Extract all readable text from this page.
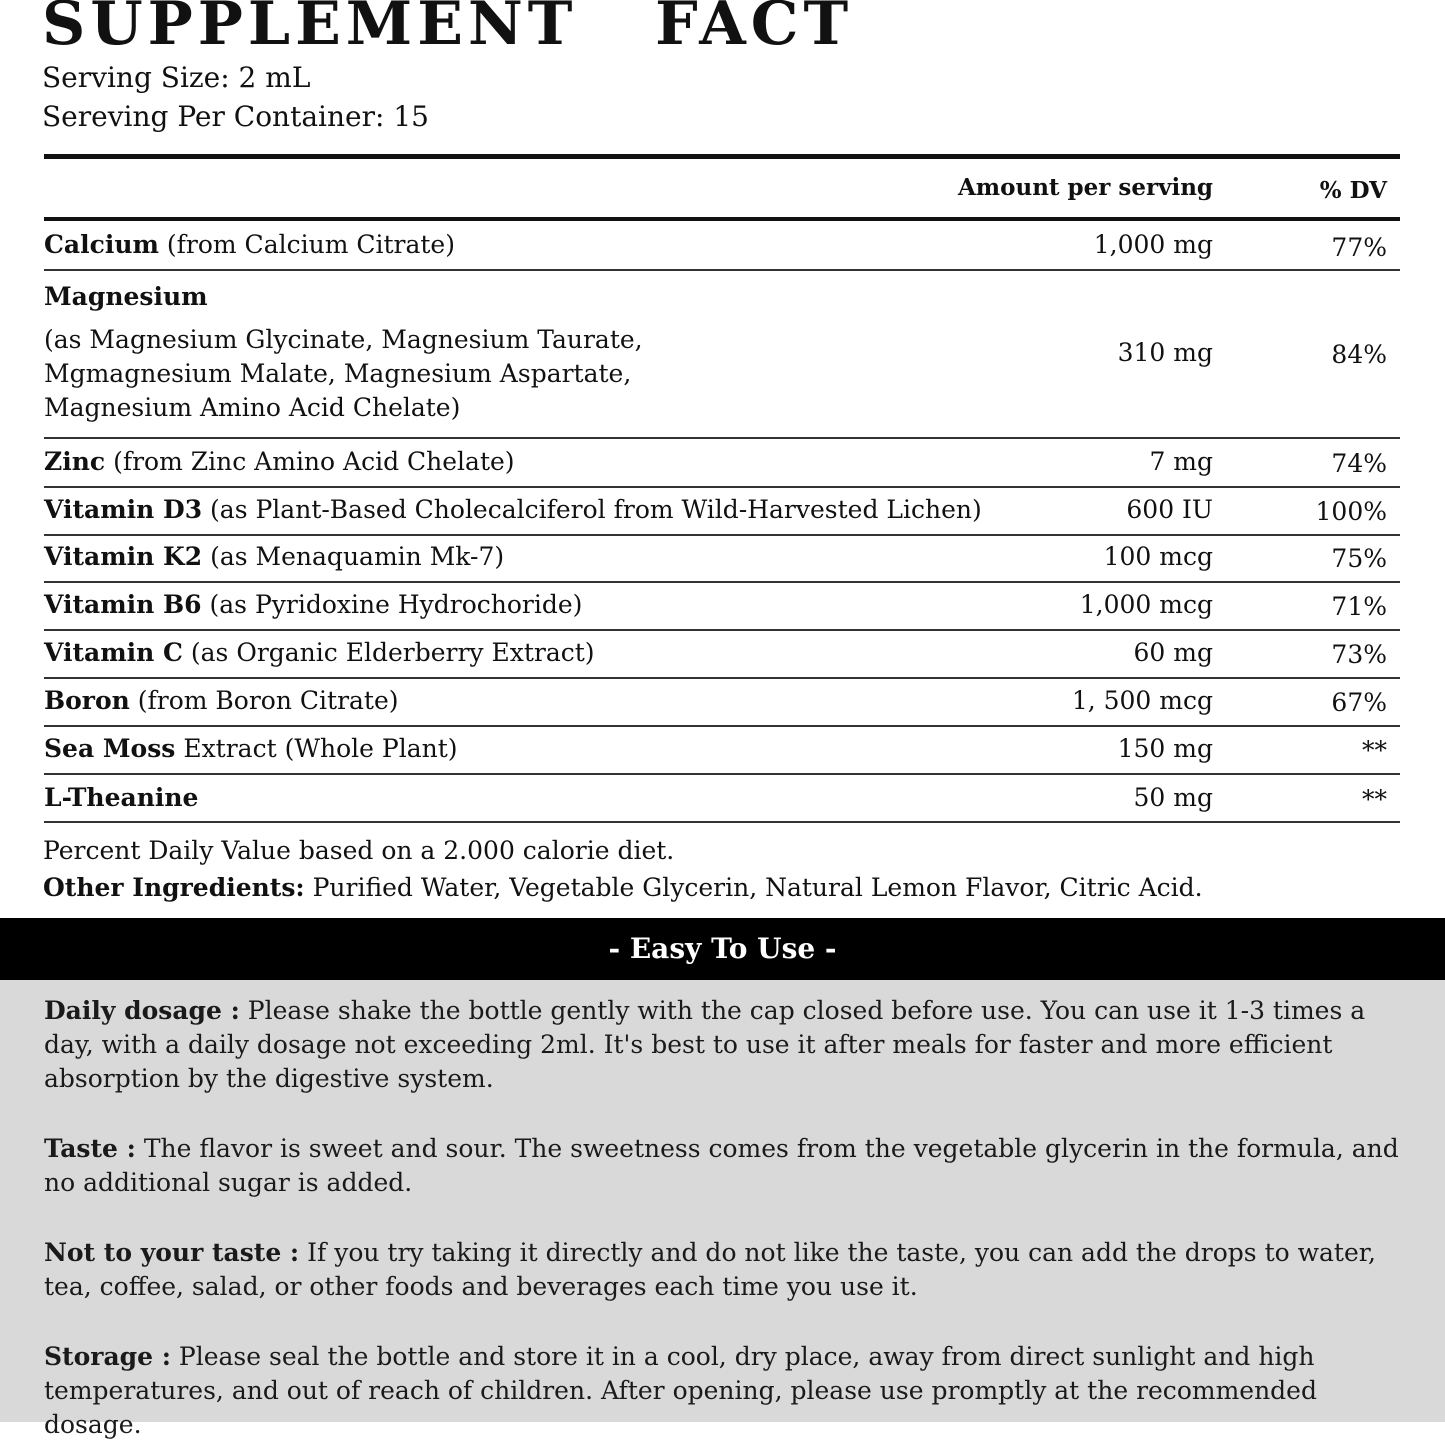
SUPPLEMENT   FACT
Serving Size: 2 mL
Sereving Per Container: 15
Amount per serving	% DV
Calcium (from Calcium Citrate)	1,000 mg	77%
Magnesium
(as Magnesium Glycinate, Magnesium Taurate,
Mgmagnesium Malate, Magnesium Aspartate,
Magnesium Amino Acid Chelate)
310 mg	84%
Zinc (from Zinc Amino Acid Chelate)	7 mg	74%
Vitamin D3 (as Plant-Based Cholecalciferol from Wild-Harvested Lichen)	600 IU	100%
Vitamin K2 (as Menaquamin Mk-7)	100 mcg	75%
Vitamin B6 (as Pyridoxine Hydrochoride)	1,000 mcg	71%
Vitamin C (as Organic Elderberry Extract)	60 mg	73%
Boron (from Boron Citrate)	1, 500 mcg	67%
Sea Moss Extract (Whole Plant)	150 mg	**
L-Theanine	50 mg	**
Percent Daily Value based on a 2.000 calorie diet.
Other Ingredients: Purified Water, Vegetable Glycerin, Natural Lemon Flavor, Citric Acid.
- Easy To Use -
Daily dosage : Please shake the bottle gently with the cap closed before use. You can use it 1-3 times a day, with a daily dosage not exceeding 2ml. It's best to use it after meals for faster and more efficient absorption by the digestive system.
Taste : The flavor is sweet and sour. The sweetness comes from the vegetable glycerin in the formula, and no additional sugar is added.
Not to your taste : If you try taking it directly and do not like the taste, you can add the drops to water, tea, coffee, salad, or other foods and beverages each time you use it.
Storage : Please seal the bottle and store it in a cool, dry place, away from direct sunlight and high temperatures, and out of reach of children. After opening, please use promptly at the recommended dosage.
